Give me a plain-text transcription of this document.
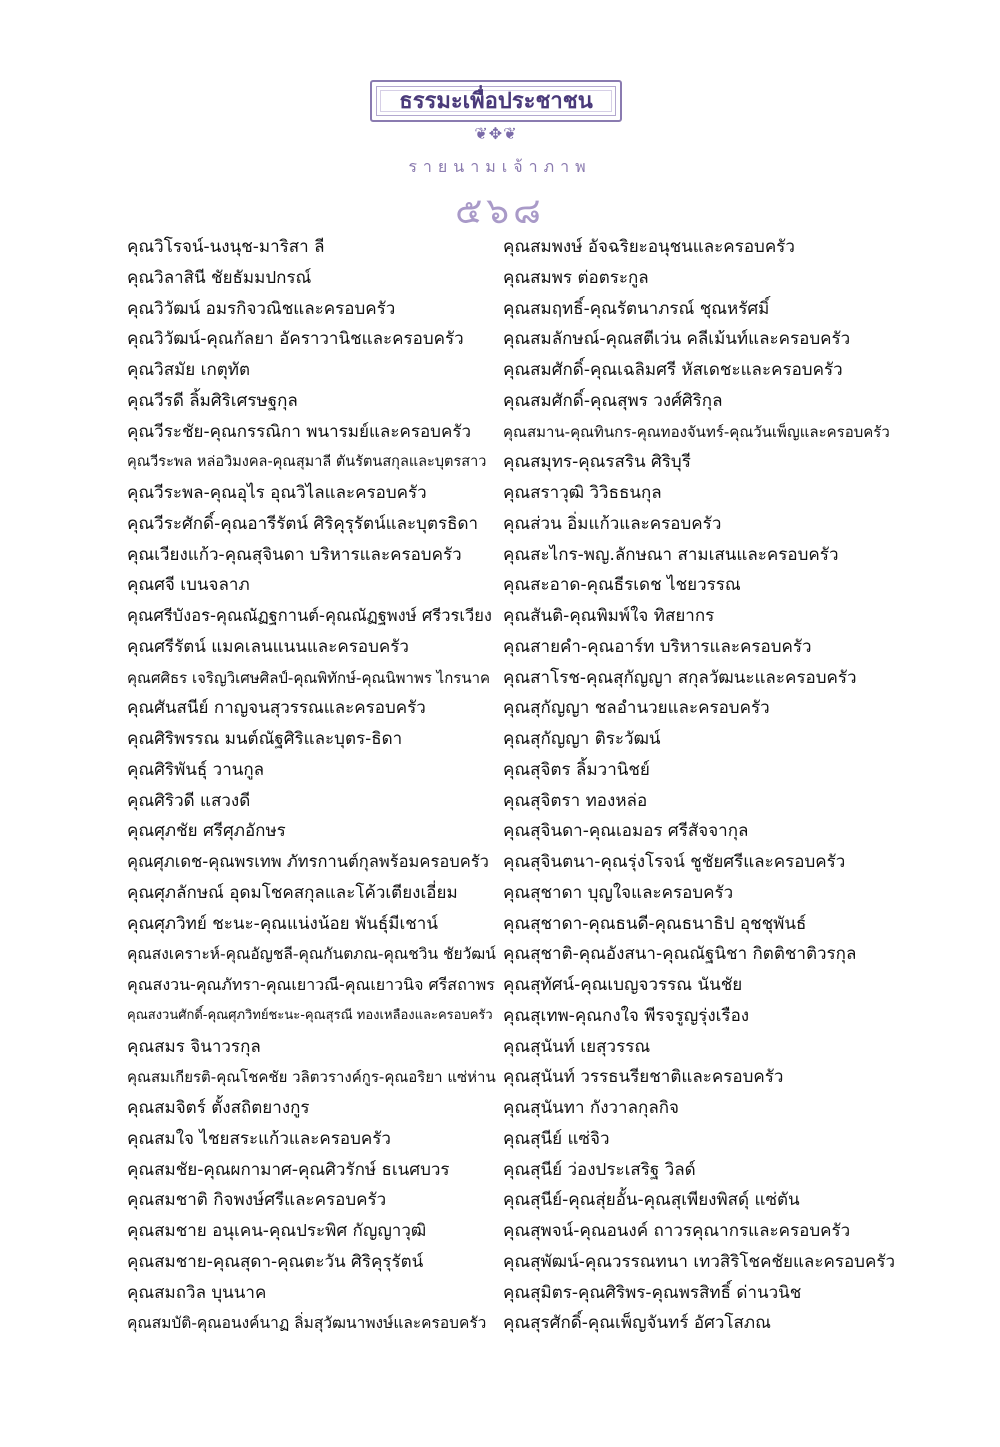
ธรรมะเพื่อประชาชน
❦✥❦
รายนามเจ้าภาพ
๕๖๘
คุณวิโรจน์-นงนุช-มาริสา ลี
คุณวิลาสินี ชัยธัมมปกรณ์
คุณวิวัฒน์ อมรกิจวณิชและครอบครัว
คุณวิวัฒน์-คุณกัลยา อัคราวานิชและครอบครัว
คุณวิสมัย เกตุทัต
คุณวีรดี ลิ้มศิริเศรษฐกุล
คุณวีระชัย-คุณกรรณิกา พนารมย์และครอบครัว
คุณวีระพล หล่อวิมงคล-คุณสุมาลี ตันรัตนสกุลและบุตรสาว
คุณวีระพล-คุณอุไร อุณวิไลและครอบครัว
คุณวีระศักดิ์-คุณอารีรัตน์ ศิริคุรุรัตน์และบุตรธิดา
คุณเวียงแก้ว-คุณสุจินดา บริหารและครอบครัว
คุณศจี เบนจลาภ
คุณศรีบังอร-คุณณัฏฐกานต์-คุณณัฏฐพงษ์ ศรีวรเวียง
คุณศรีรัตน์ แมคเลนแนนและครอบครัว
คุณศศิธร เจริญวิเศษศิลป์-คุณพิทักษ์-คุณนิพาพร ไกรนาค
คุณศันสนีย์ กาญจนสุวรรณและครอบครัว
คุณศิริพรรณ มนต์ณัฐศิริและบุตร-ธิดา
คุณศิริพันธุ์ วานกูล
คุณศิริวดี แสวงดี
คุณศุภชัย ศรีศุภอักษร
คุณศุภเดช-คุณพรเทพ ภัทรกานต์กุลพร้อมครอบครัว
คุณศุภลักษณ์ อุดมโชคสกุลและโค้วเตียงเอี่ยม
คุณศุภวิทย์ ชะนะ-คุณแน่งน้อย พันธุ์มีเชาน์
คุณสงเคราะห์-คุณอัญชลี-คุณกันตภณ-คุณชวิน ชัยวัฒน์
คุณสงวน-คุณภัทรา-คุณเยาวณี-คุณเยาวนิจ ศรีสถาพร
คุณสงวนศักดิ์-คุณศุภวิทย์ชะนะ-คุณสุรณี ทองเหลืองและครอบครัว
คุณสมร จินาวรกุล
คุณสมเกียรติ-คุณโชคชัย วลิตวรางค์กูร-คุณอริยา แซ่ห่าน
คุณสมจิตร์ ตั้งสถิตยางกูร
คุณสมใจ ไชยสระแก้วและครอบครัว
คุณสมชัย-คุณผกามาศ-คุณศิวรักษ์ ธเนศบวร
คุณสมชาติ กิจพงษ์ศรีและครอบครัว
คุณสมชาย อนุเคน-คุณประพิศ กัญญาวุฒิ
คุณสมชาย-คุณสุดา-คุณตะวัน ศิริคุรุรัตน์
คุณสมถวิล บุนนาค
คุณสมบัติ-คุณอนงค์นาฏ ลิ่มสุวัฒนาพงษ์และครอบครัว
คุณสมพงษ์ อัจฉริยะอนุชนและครอบครัว
คุณสมพร ต่อตระกูล
คุณสมฤทธิ์-คุณรัตนาภรณ์ ชุณหรัศมิ์
คุณสมลักษณ์-คุณสตีเว่น คลีเม้นท์และครอบครัว
คุณสมศักดิ์-คุณเฉลิมศรี หัสเดชะและครอบครัว
คุณสมศักดิ์-คุณสุพร วงศ์ศิริกุล
คุณสมาน-คุณทินกร-คุณทองจันทร์-คุณวันเพ็ญและครอบครัว
คุณสมุทร-คุณรสริน ศิริบุรี
คุณสราวุฒิ วิวิธธนกุล
คุณส่วน อิ่มแก้วและครอบครัว
คุณสะไกร-พญ.ลักษณา สามเสนและครอบครัว
คุณสะอาด-คุณธีรเดช ไชยวรรณ
คุณสันติ-คุณพิมพ์ใจ ทิสยากร
คุณสายคำ-คุณอาร์ท บริหารและครอบครัว
คุณสาโรช-คุณสุกัญญา สกุลวัฒนะและครอบครัว
คุณสุกัญญา ชลอำนวยและครอบครัว
คุณสุกัญญา ติระวัฒน์
คุณสุจิตร ลิ้มวานิชย์
คุณสุจิตรา ทองหล่อ
คุณสุจินดา-คุณเอมอร ศรีสัจจากุล
คุณสุจินตนา-คุณรุ่งโรจน์ ชูชัยศรีและครอบครัว
คุณสุชาดา บุญใจและครอบครัว
คุณสุชาดา-คุณธนดี-คุณธนาธิป อุชชุพันธ์
คุณสุชาติ-คุณอังสนา-คุณณัฐนิชา กิตติชาติวรกุล
คุณสุทัศน์-คุณเบญจวรรณ นันชัย
คุณสุเทพ-คุณกงใจ พีรจรูญรุ่งเรือง
คุณสุนันท์ เยสุวรรณ
คุณสุนันท์ วรรธนรียชาติและครอบครัว
คุณสุนันทา กังวาลกุลกิจ
คุณสุนีย์ แซ่จิว
คุณสุนีย์ ว่องประเสริฐ วิลด์
คุณสุนีย์-คุณสุ่ยอั้น-คุณสุเพียงพิสดุ์ แซ่ตัน
คุณสุพจน์-คุณอนงค์ ถาวรคุณากรและครอบครัว
คุณสุพัฒน์-คุณวรรณทนา เทวสิริโชคชัยและครอบครัว
คุณสุมิตร-คุณศิริพร-คุณพรสิทธิ์ ด่านวนิช
คุณสุรศักดิ์-คุณเพ็ญจันทร์ อัศวโสภณ
